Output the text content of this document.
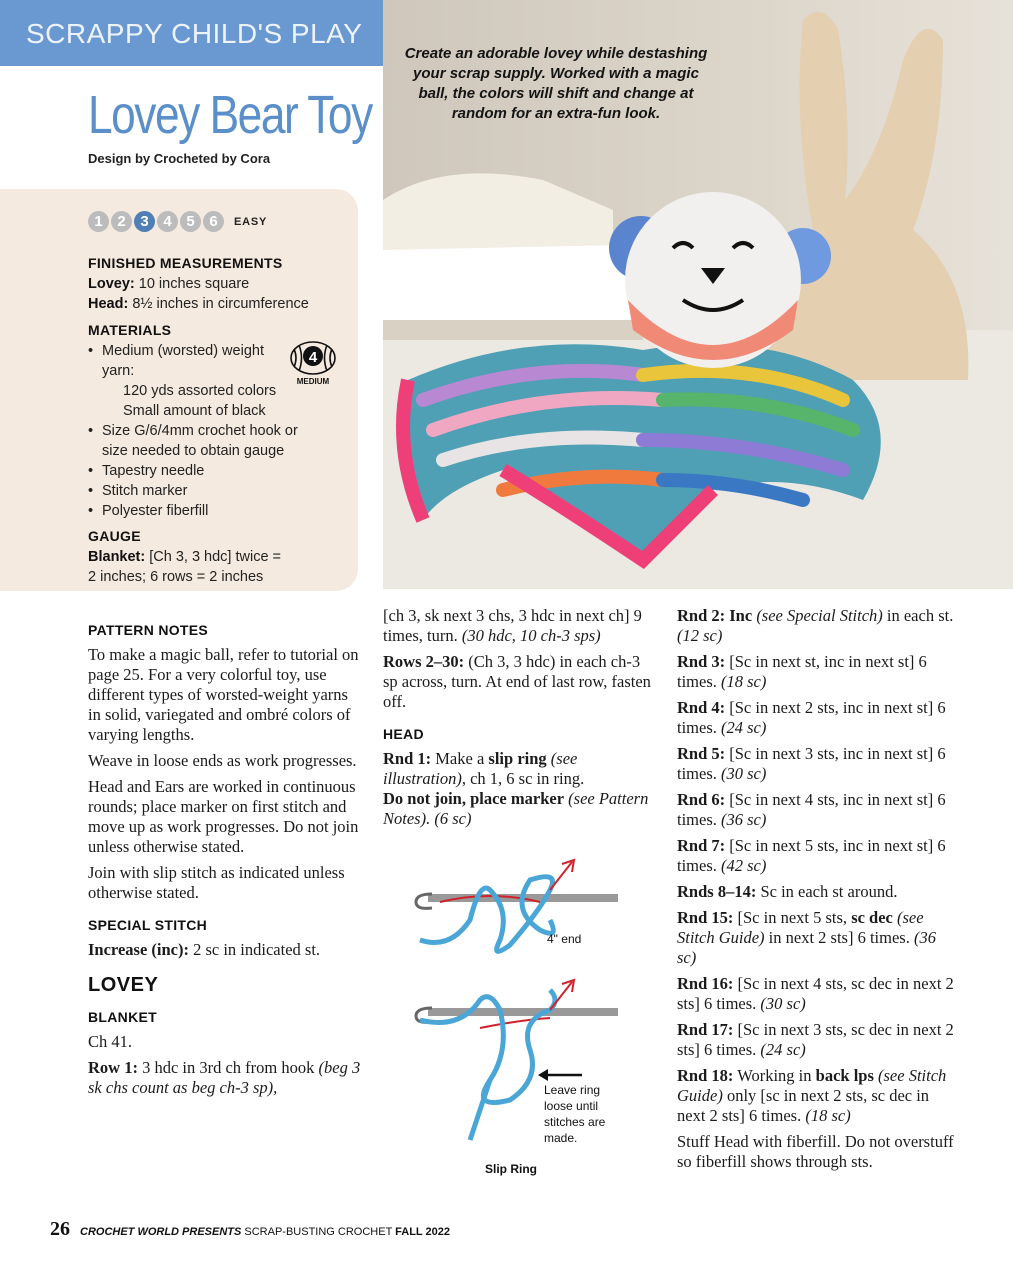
SCRAPPY CHILD'S PLAY
Lovey Bear Toy
Design by Crocheted by Cora
1 2 3 4 5 6	EASY
FINISHED MEASUREMENTS
Lovey: 10 inches square
Head: 8½ inches in circumference
MATERIALS
• Medium (worsted) weight
yarn:
120 yds assorted colors
Small amount of black
4
MEDIUM
• Size G/6/4mm crochet hook or
size needed to obtain gauge
• Tapestry needle
• Stitch marker
• Polyester fiberfill
GAUGE
Blanket: [Ch 3, 3 hdc] twice =
2 inches; 6 rows = 2 inches
Create an adorable lovey while destashing your scrap supply. Worked with a magic ball, the colors will shift and change at random for an extra-fun look.
PATTERN NOTES

To make a magic ball, refer to tutorial on page 25. For a very colorful toy, use different types of worsted-weight yarns in solid, variegated and ombré colors of varying lengths.

Weave in loose ends as work progresses.

Head and Ears are worked in continuous rounds; place marker on first stitch and move up as work progresses. Do not join unless otherwise stated.

Join with slip stitch as indicated unless otherwise stated.

SPECIAL STITCH

Increase (inc): 2 sc in indicated st.

LOVEY
BLANKET

Ch 41.

Row 1: 3 hdc in 3rd ch from hook (beg 3 sk chs count as beg ch-3 sp),

[ch 3, sk next 3 chs, 3 hdc in next ch] 9 times, turn. (30 hdc, 10 ch-3 sps)

Rows 2–30: (Ch 3, 3 hdc) in each ch-3 sp across, turn. At end of last row, fasten off.

HEAD

Rnd 1: Make a slip ring (see illustration), ch 1, 6 sc in ring.

Do not join, place marker (see Pattern Notes). (6 sc)

4" end
Leave ring
loose until
stitches are
made.
Slip Ring

Rnd 2: Inc (see Special Stitch) in each st. (12 sc)

Rnd 3: [Sc in next st, inc in next st] 6 times. (18 sc)

Rnd 4: [Sc in next 2 sts, inc in next st] 6 times. (24 sc)

Rnd 5: [Sc in next 3 sts, inc in next st] 6 times. (30 sc)

Rnd 6: [Sc in next 4 sts, inc in next st] 6 times. (36 sc)

Rnd 7: [Sc in next 5 sts, inc in next st] 6 times. (42 sc)

Rnds 8–14: Sc in each st around.

Rnd 15: [Sc in next 5 sts, sc dec (see Stitch Guide) in next 2 sts] 6 times. (36 sc)

Rnd 16: [Sc in next 4 sts, sc dec in next 2 sts] 6 times. (30 sc)

Rnd 17: [Sc in next 3 sts, sc dec in next 2 sts] 6 times. (24 sc)

Rnd 18: Working in back lps (see Stitch Guide) only [sc in next 2 sts, sc dec in next 2 sts] 6 times. (18 sc)

Stuff Head with fiberfill. Do not overstuff so fiberfill shows through sts.

26 CROCHET WORLD PRESENTS SCRAP-BUSTING CROCHET FALL 2022
